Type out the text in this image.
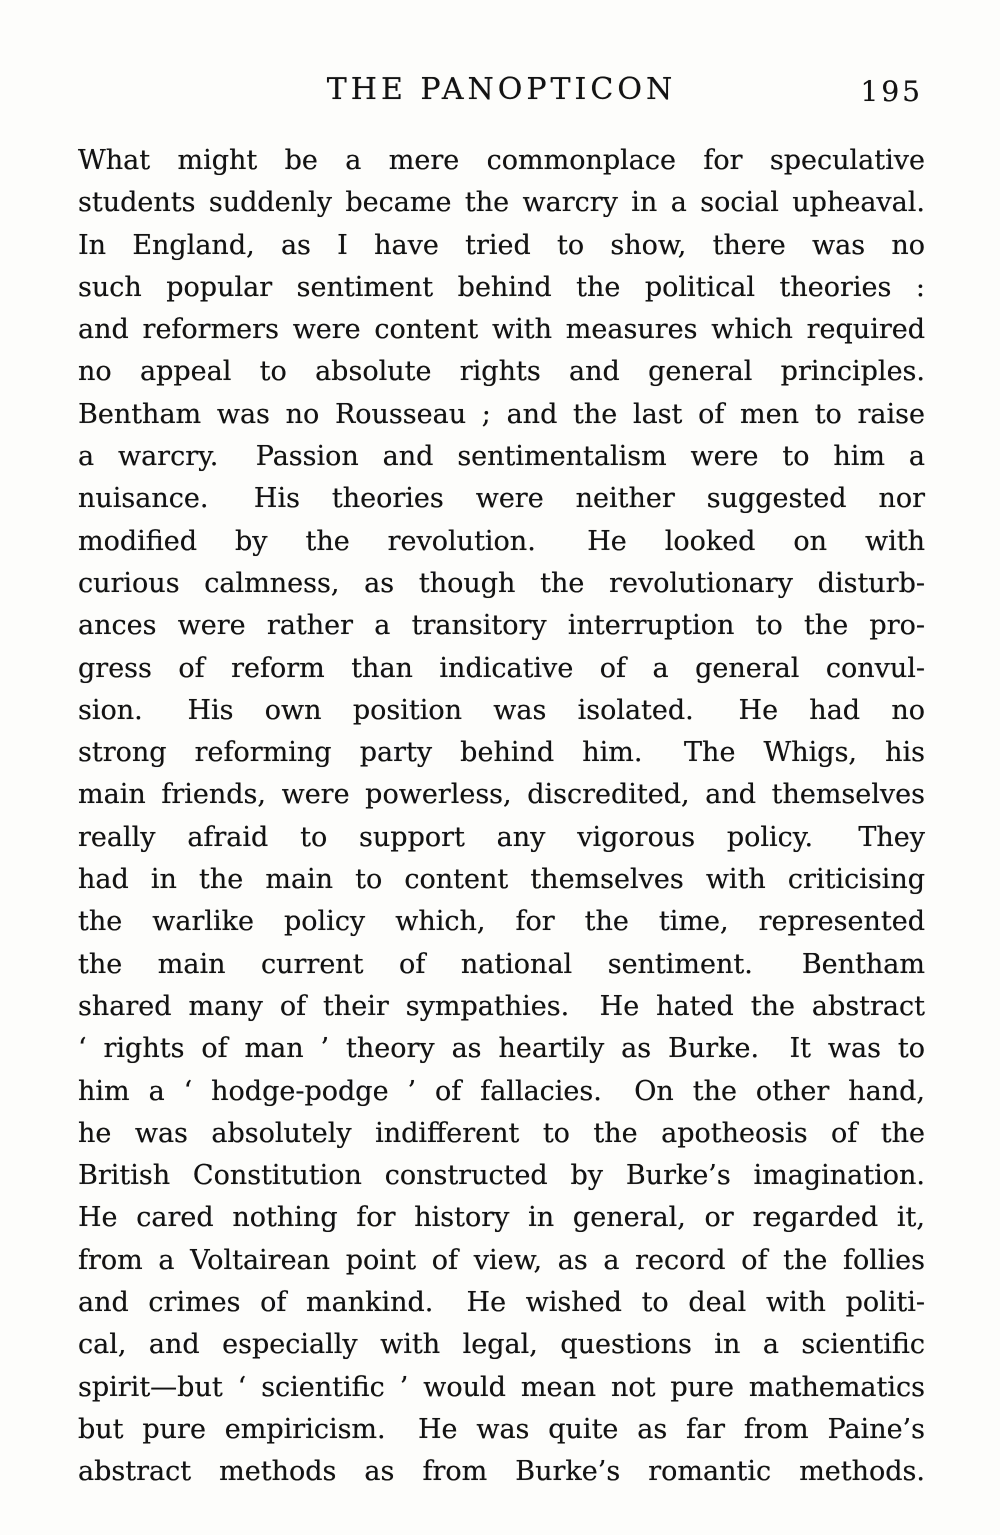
THE PANOPTICON	195
What might be a mere commonplace for speculative
students suddenly became the warcry in a social upheaval.
In England, as I have tried to show, there was no
such popular sentiment behind the political theories :
and reformers were content with measures which required
no appeal to absolute rights and general principles.
Bentham was no Rousseau ; and the last of men to raise
a warcry.  Passion and sentimentalism were to him a
nuisance.  His theories were neither suggested nor
modified by the revolution.  He looked on with
curious calmness, as though the revolutionary disturb-
ances were rather a transitory interruption to the pro-
gress of reform than indicative of a general convul-
sion.  His own position was isolated.  He had no
strong reforming party behind him.  The Whigs, his
main friends, were powerless, discredited, and themselves
really afraid to support any vigorous policy.  They
had in the main to content themselves with criticising
the warlike policy which, for the time, represented
the main current of national sentiment.  Bentham
shared many of their sympathies.  He hated the abstract
‘ rights of man ’ theory as heartily as Burke.  It was to
him a ‘ hodge-podge ’ of fallacies.  On the other hand,
he was absolutely indifferent to the apotheosis of the
British Constitution constructed by Burke’s imagination.
He cared nothing for history in general, or regarded it,
from a Voltairean point of view, as a record of the follies
and crimes of mankind.  He wished to deal with politi-
cal, and especially with legal, questions in a scientific
spirit—but ‘ scientific ’ would mean not pure mathematics
but pure empiricism.  He was quite as far from Paine’s
abstract methods as from Burke’s romantic methods.
